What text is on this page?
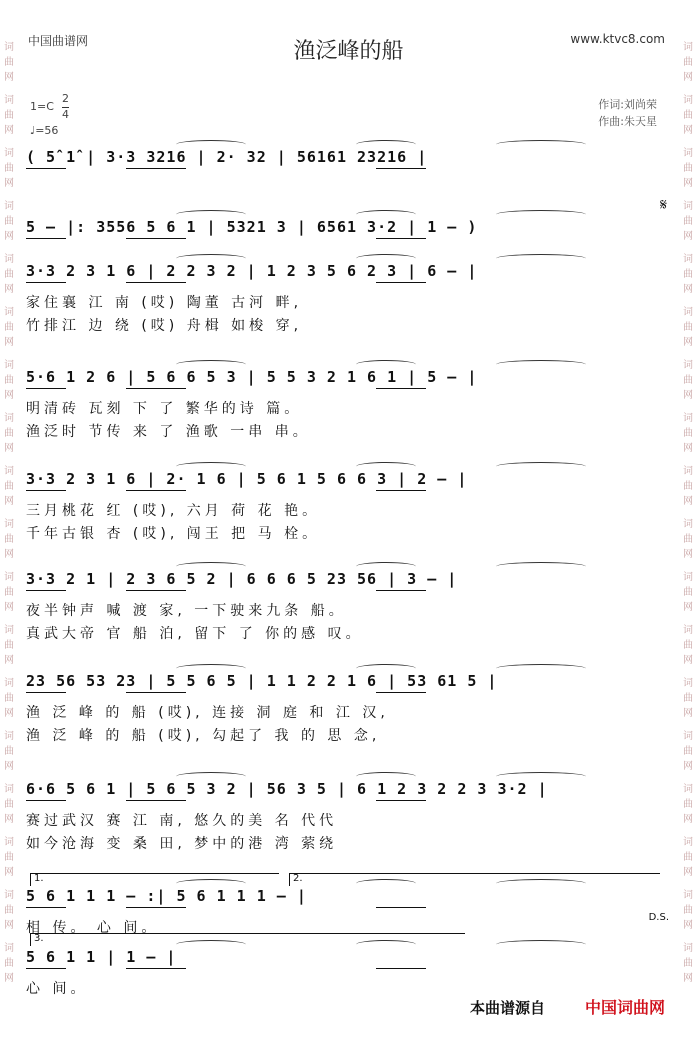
中国曲谱网	www.ktvc8.com
渔泛峰的船
1=C
2
4
♩=56
作词:刘尚荣
作曲:朱天星
词
曲
网
词
曲
网
词
曲
网
词
曲
网
词
曲
网
词
曲
网
词
曲
网
词
曲
网
词
曲
网
词
曲
网
词
曲
网
词
曲
网
词
曲
网
词
曲
网
词
曲
网
词
曲
网
词
曲
网
词
曲
网
词
曲
网
词
曲
网
词
曲
网
词
曲
网
词
曲
网
词
曲
网
词
曲
网
词
曲
网
词
曲
网
词
曲
网
词
曲
网
词
曲
网
词
曲
网
词
曲
网
词
曲
网
词
曲
网
词
曲
网
词
曲
网
( 5̂ 1̂ | 3·3 3216 | 2· 32 | 56161 23216 |
5 – |: 3556 5 6 1 | 5321 3 | 6561 3·2 | 1 – )
3·3 2 3 1 6 | 2 2 3 2 | 1 2 3 5 6 2 3 | 6 – |
家住襄 江 南 (哎) 陶董 古河 畔,
竹排江 边 绕 (哎) 舟楫 如梭 穿,
5·6 1 2 6 | 5 6 6 5 3 | 5 5 3 2 1 6 1 | 5 – |
明清砖 瓦刻 下 了 繁华的诗 篇。
渔泛时 节传 来 了 渔歌 一串 串。
3·3 2 3 1 6 | 2· 1 6 | 5 6 1 5 6 6 3 | 2 – |
三月桃花 红 (哎), 六月 荷 花 艳。
千年古银 杏 (哎), 闯王 把 马 栓。
3·3 2 1 | 2 3 6 5 2 | 6 6 6 5 23 56 | 3 – |
夜半钟声 喊 渡 家, 一下驶来九条 船。
真武大帝 官 船 泊, 留下 了 你的感 叹。
23 56 53 23 | 5 5 6 5 | 1 1 2 2 1 6 | 53 61 5 |
渔 泛 峰 的 船 (哎), 连接 洞 庭 和 江 汉,
渔 泛 峰 的 船 (哎), 勾起了 我 的 思 念,
6·6 5 6 1 | 5 6 5 3 2 | 56 3 5 | 6 1 2 3 2 2 3 3·2 |
赛过武汉 赛 江 南, 悠久的美 名 代代
如今沧海 变 桑 田, 梦中的港 湾 萦绕
5 6 1 1 1 – :| 5 6 1 1 1 – |
相 传。 心 间。
5 6 1 1 | 1 – |
心 间。
1.	2.
3.
D.S.
𝄋
本曲谱源自 中国词曲网
